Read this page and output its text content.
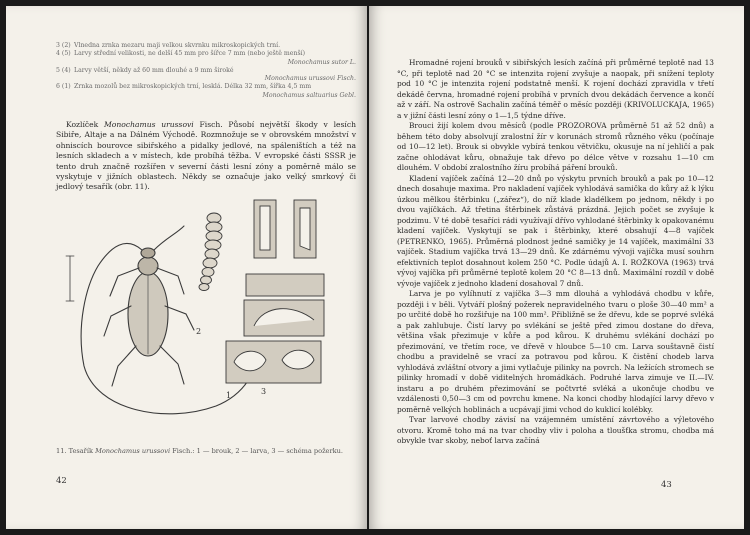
3 (2) Vlnedna zrnka mezaru maji velkou skvrnku mikroskopických trní.
4 (5) Larvy střední velikosti, ne delší 45 mm pro šířce 7 mm (nebo ještě menší)
Monochamus sutor L.
5 (4) Larvy větší, někdy až 60 mm dlouhé a 9 mm široké
Monochamus urussovi Fisch.
6 (1) Zrnka mozolů bez mikroskopických trní, lesklá. Délka 32 mm, šířka 4,5 mm
Monochamus saltuarius Gebl.
Kozlíček Monochamus urussovi Fisch. Působí největší škody v lesích Sibiře, Altaje a na Dálném Východě. Rozmnožuje se v obrovském množství v ohniscích bourovce sibiřského a pidalky jedlové, na spáleništích a též na lesních skladech a v místech, kde probíhá těžba. V evropské části SSSR je tento druh značně rozšířen v severní části lesní zóny a poměrně málo se vyskytuje v jižních oblastech. Někdy se označuje jako velký smrkový či jedlový tesařík (obr. 11).
2
3
1
11. Tesařík Monochamus urussovi Fisch.: 1 — brouk, 2 — larva, 3 — schéma požerku.
42

Hromadné rojení brouků v sibiřských lesích začíná při průměrné teplotě nad 13 °C, při teplotě nad 20 °C se intenzita rojení zvyšuje a naopak, při snížení teploty pod 10 °C je intenzita rojení podstatně menší. K rojení dochází zpravidla v třetí dekádě června, hromadné rojení probíhá v prvních dvou dekádách července a končí až v září. Na ostrově Sachalin začíná téměř o měsíc později (KRIVOLUCKAJA, 1965) a v jižní části lesní zóny o 1—1,5 týdne dříve.

Brouci žijí kolem dvou měsíců (podle PROZOROVA průměrně 51 až 52 dnů) a během této doby absolvují zralostní žír v korunách stromů různého věku (počínaje od 10—12 let). Brouk si obvykle vybírá tenkou větvičku, okusuje na ní jehličí a pak začne ohlodávat kůru, obnažuje tak dřevo po délce větve v rozsahu 1—10 cm dlouhém. V období zralostního žíru probíhá páření brouků.

Kladení vajíček začíná 12—20 dnů po výskytu prvních brouků a pak po 10—12 dnech dosahuje maxima. Pro nakladení vajíček vyhlodává samička do kůry až k lýku úzkou mělkou štěrbinku („zářez“), do níž klade kladélkem po jednom, někdy i po dvou vajíčkách. Až třetina štěrbinek zůstává prázdná. Jejich počet se zvyšuje k podzimu. V té době tesaříci rádi využívají dřívo vyhlodané štěrbinky k opakovanému kladení vajíček. Vyskytují se pak i štěrbinky, které obsahují 4—8 vajíček (PETRENKO, 1965). Průměrná plodnost jedné samičky je 14 vajíček, maximální 33 vajíček. Stadium vajíčka trvá 13—29 dnů. Ke zdárnému vývoji vajíčka musí souhrn efektivních teplot dosahnout kolem 250 °C. Podle údajů A. I. ROŽKOVA (1963) trvá vývoj vajíčka při průměrné teplotě kolem 20 °C 8—13 dnů. Maximální rozdíl v době vývoje vajíček z jednoho kladení dosahoval 7 dnů.

Larva je po vylíhnutí z vajíčka 3—3 mm dlouhá a vyhlodává chodbu v kůře, později i v běli. Vytváří plošný požerek nepravidelného tvaru o ploše 30—40 mm² a po určité době ho rozšiřuje na 100 mm². Přibližně se že dřevu, kde se poprvé svléká a pak zahlubuje. Čistí larvy po svlékání se ještě před zimou dostane do dřeva, většina však přezimuje v kůře a pod kůrou. K druhému svlékání dochází po přezimování, ve třetím roce, ve dřevě v hloubce 5—10 cm. Larva souštavně čistí chodbu a pravidelně se vrací za potravou pod kůrou. K čistění chodeb larva vyhlodává zvláštní otvory a jimi vytlačuje pilinky na povrch. Na ležících stromech se pilinky hromadí v době viditelných hromádkách. Podruhé larva zimuje ve II.—IV. instaru a po druhém přezimování se počtvrté svléká a ukončuje chodbu ve vzdálenosti 0,50—3 cm od povrchu kmene. Na konci chodby hlodající larvy dřevo v poměrně velkých hoblinách a ucpávají jimi vchod do kuklicí kolébky.

Tvar larvové chodby závisí na vzájemném umístění závrtového a výletového otvoru. Kromě toho má na tvar chodby vliv i poloha a tloušťka stromu, chodba má obvykle tvar skoby, neboť larva začíná

43
